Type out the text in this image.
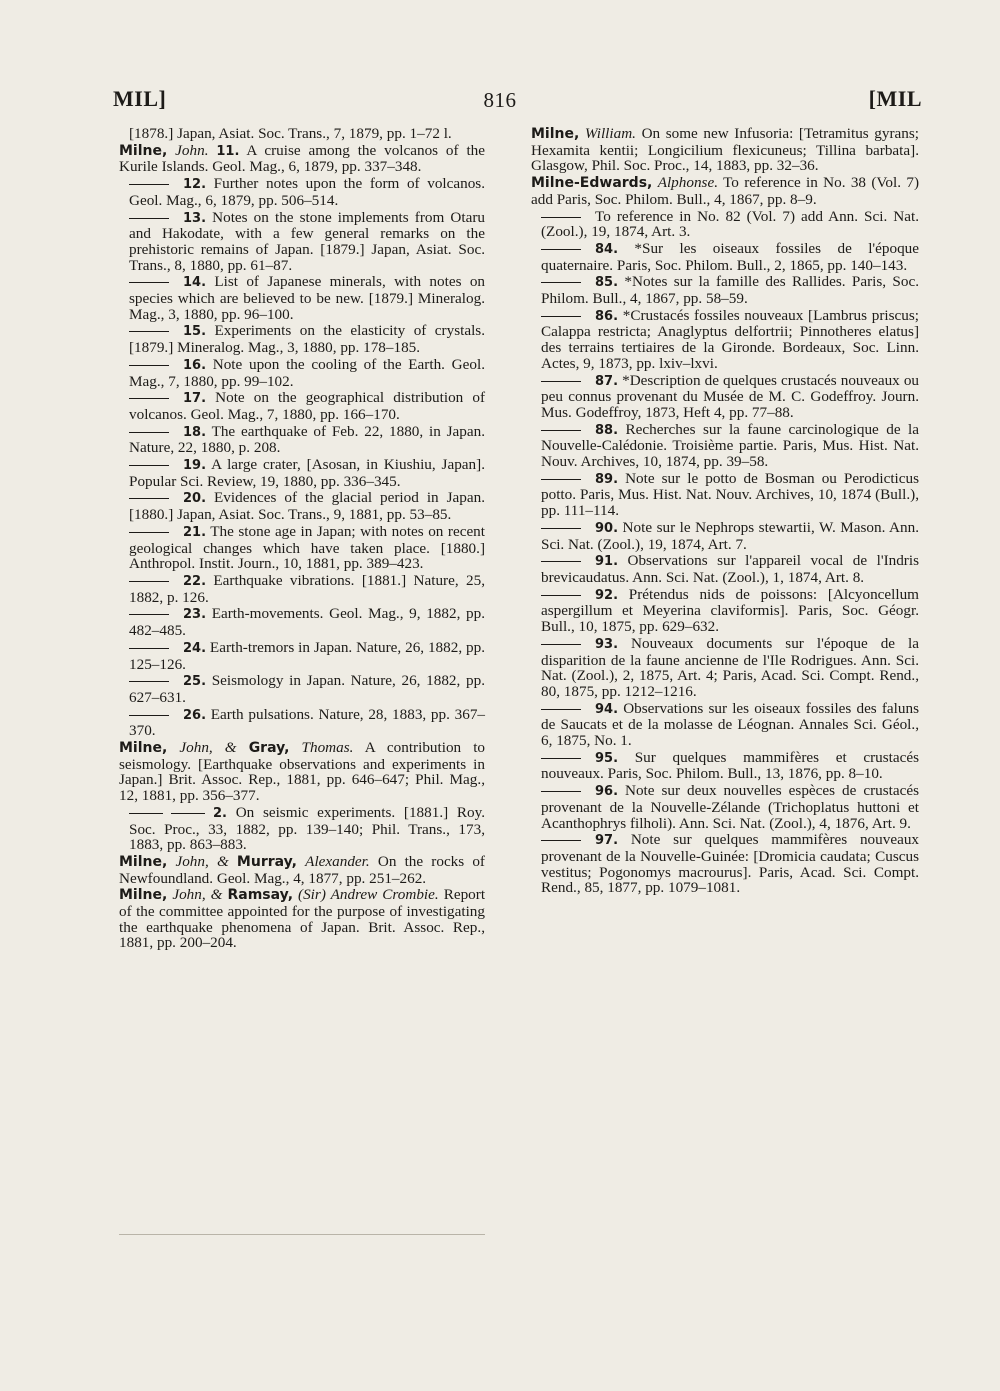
MIL]	816	[MIL

[1878.] Japan, Asiat. Soc. Trans., 7, 1879, pp. 1–72 l.

Milne, John. 11. A cruise among the volcanos of the Kurile Islands. Geol. Mag., 6, 1879, pp. 337–348.

12. Further notes upon the form of volcanos. Geol. Mag., 6, 1879, pp. 506–514.

13. Notes on the stone implements from Otaru and Hakodate, with a few general remarks on the prehistoric remains of Japan. [1879.] Japan, Asiat. Soc. Trans., 8, 1880, pp. 61–87.

14. List of Japanese minerals, with notes on species which are believed to be new. [1879.] Mineralog. Mag., 3, 1880, pp. 96–100.

15. Experiments on the elasticity of crystals. [1879.] Mineralog. Mag., 3, 1880, pp. 178–185.

16. Note upon the cooling of the Earth. Geol. Mag., 7, 1880, pp. 99–102.

17. Note on the geographical distribution of volcanos. Geol. Mag., 7, 1880, pp. 166–170.

18. The earthquake of Feb. 22, 1880, in Japan. Nature, 22, 1880, p. 208.

19. A large crater, [Asosan, in Kiushiu, Japan]. Popular Sci. Review, 19, 1880, pp. 336–345.

20. Evidences of the glacial period in Japan. [1880.] Japan, Asiat. Soc. Trans., 9, 1881, pp. 53–85.

21. The stone age in Japan; with notes on recent geological changes which have taken place. [1880.] Anthropol. Instit. Journ., 10, 1881, pp. 389–423.

22. Earthquake vibrations. [1881.] Nature, 25, 1882, p. 126.

23. Earth-movements. Geol. Mag., 9, 1882, pp. 482–485.

24. Earth-tremors in Japan. Nature, 26, 1882, pp. 125–126.

25. Seismology in Japan. Nature, 26, 1882, pp. 627–631.

26. Earth pulsations. Nature, 28, 1883, pp. 367–370.

Milne, John, & Gray, Thomas. A contribution to seismology. [Earthquake observations and experiments in Japan.] Brit. Assoc. Rep., 1881, pp. 646–647; Phil. Mag., 12, 1881, pp. 356–377.

2. On seismic experiments. [1881.] Roy. Soc. Proc., 33, 1882, pp. 139–140; Phil. Trans., 173, 1883, pp. 863–883.

Milne, John, & Murray, Alexander. On the rocks of Newfoundland. Geol. Mag., 4, 1877, pp. 251–262.

Milne, John, & Ramsay, (Sir) Andrew Crombie. Report of the committee appointed for the purpose of investigating the earthquake phenomena of Japan. Brit. Assoc. Rep., 1881, pp. 200–204.

Milne, William. On some new Infusoria: [Tetramitus gyrans; Hexamita kentii; Longicilium flexicuneus; Tillina barbata]. Glasgow, Phil. Soc. Proc., 14, 1883, pp. 32–36.

Milne-Edwards, Alphonse. To reference in No. 38 (Vol. 7) add Paris, Soc. Philom. Bull., 4, 1867, pp. 8–9.

To reference in No. 82 (Vol. 7) add Ann. Sci. Nat. (Zool.), 19, 1874, Art. 3.

84. *Sur les oiseaux fossiles de l'époque quaternaire. Paris, Soc. Philom. Bull., 2, 1865, pp. 140–143.

85. *Notes sur la famille des Rallides. Paris, Soc. Philom. Bull., 4, 1867, pp. 58–59.

86. *Crustacés fossiles nouveaux [Lambrus priscus; Calappa restricta; Anaglyptus delfortrii; Pinnotheres elatus] des terrains tertiaires de la Gironde. Bordeaux, Soc. Linn. Actes, 9, 1873, pp. lxiv–lxvi.

87. *Description de quelques crustacés nouveaux ou peu connus provenant du Musée de M. C. Godeffroy. Journ. Mus. Godeffroy, 1873, Heft 4, pp. 77–88.

88. Recherches sur la faune carcinologique de la Nouvelle-Calédonie. Troisième partie. Paris, Mus. Hist. Nat. Nouv. Archives, 10, 1874, pp. 39–58.

89. Note sur le potto de Bosman ou Perodicticus potto. Paris, Mus. Hist. Nat. Nouv. Archives, 10, 1874 (Bull.), pp. 111–114.

90. Note sur le Nephrops stewartii, W. Mason. Ann. Sci. Nat. (Zool.), 19, 1874, Art. 7.

91. Observations sur l'appareil vocal de l'Indris brevicaudatus. Ann. Sci. Nat. (Zool.), 1, 1874, Art. 8.

92. Prétendus nids de poissons: [Alcyoncellum aspergillum et Meyerina claviformis]. Paris, Soc. Géogr. Bull., 10, 1875, pp. 629–632.

93. Nouveaux documents sur l'époque de la disparition de la faune ancienne de l'Ile Rodrigues. Ann. Sci. Nat. (Zool.), 2, 1875, Art. 4; Paris, Acad. Sci. Compt. Rend., 80, 1875, pp. 1212–1216.

94. Observations sur les oiseaux fossiles des faluns de Saucats et de la molasse de Léognan. Annales Sci. Géol., 6, 1875, No. 1.

95. Sur quelques mammifères et crustacés nouveaux. Paris, Soc. Philom. Bull., 13, 1876, pp. 8–10.

96. Note sur deux nouvelles espèces de crustacés provenant de la Nouvelle-Zélande (Trichoplatus huttoni et Acanthophrys filholi). Ann. Sci. Nat. (Zool.), 4, 1876, Art. 9.

97. Note sur quelques mammifères nouveaux provenant de la Nouvelle-Guinée: [Dromicia caudata; Cuscus vestitus; Pogonomys macrourus]. Paris, Acad. Sci. Compt. Rend., 85, 1877, pp. 1079–1081.
